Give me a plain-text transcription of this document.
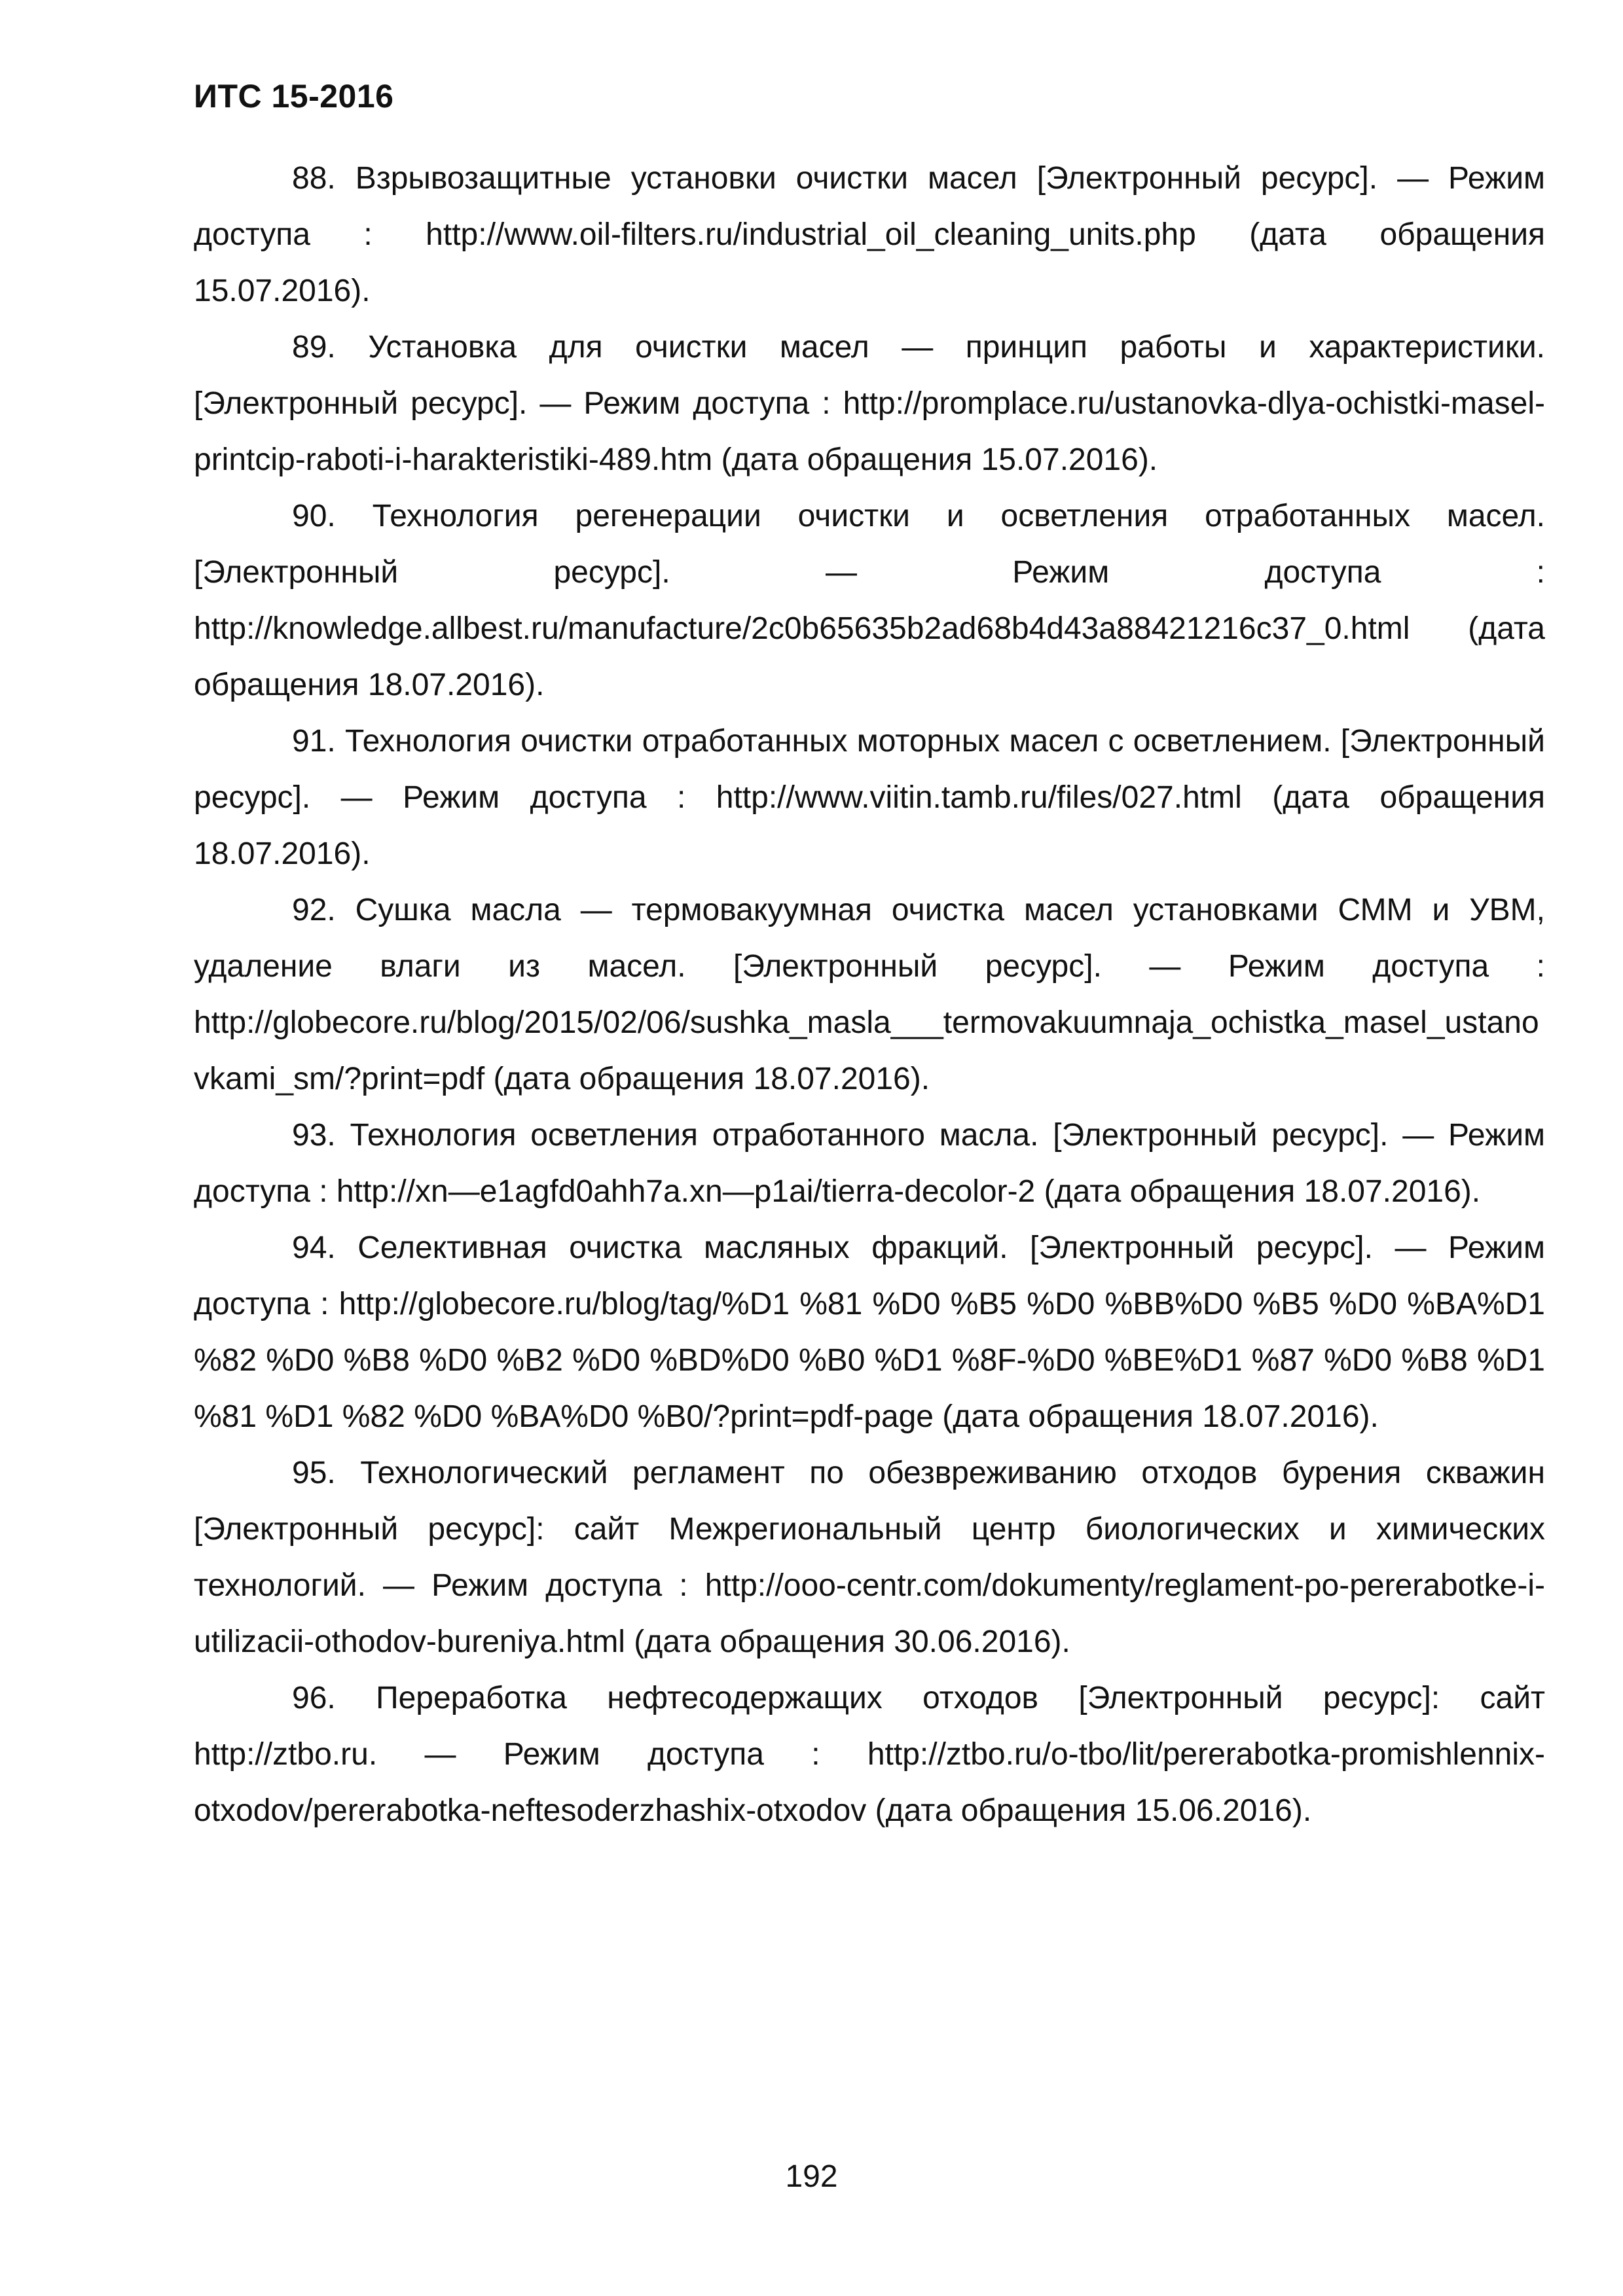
ИТС 15-2016

88. Взрывозащитные установки очистки масел [Электронный ресурс]. — Режим доступа : http://www.oil-filters.ru/industrial_oil_cleaning_units.php (дата обращения 15.07.2016).

89. Установка для очистки масел — принцип работы и характеристики. [Электронный ресурс]. — Режим доступа : http://promplace.ru/ustanovka-dlya-ochistki-masel-printcip-raboti-i-harakteristiki-489.htm (дата обращения 15.07.2016).

90. Технология регенерации очистки и осветления отработанных масел. [Электронный ресурс]. — Режим доступа : http://knowledge.allbest.ru/manufacture/2c0b65635b2ad68b4d43a88421216c37_0.html (дата обращения 18.07.2016).

91. Технология очистки отработанных моторных масел с осветлением. [Электронный ресурс]. — Режим доступа : http://www.viitin.tamb.ru/files/027.html (дата обращения 18.07.2016).

92. Сушка масла — термовакуумная очистка масел установками СММ и УВМ, удаление влаги из масел. [Электронный ресурс]. — Режим доступа : http://globecore.ru/blog/2015/02/06/sushka_masla___termovakuumnaja_ochistka_masel_ustanovkami_sm/?print=pdf (дата обращения 18.07.2016).

93. Технология осветления отработанного масла. [Электронный ресурс]. — Режим доступа : http://xn—e1agfd0ahh7a.xn—p1ai/tierra-decolor-2 (дата обращения 18.07.2016).

94. Селективная очистка масляных фракций. [Электронный ресурс]. — Режим доступа : http://globecore.ru/blog/tag/%D1 %81 %D0 %B5 %D0 %BB%D0 %B5 %D0 %BA%D1 %82 %D0 %B8 %D0 %B2 %D0 %BD%D0 %B0 %D1 %8F-%D0 %BE%D1 %87 %D0 %B8 %D1 %81 %D1 %82 %D0 %BA%D0 %B0/?print=pdf-page (дата обращения 18.07.2016).

95. Технологический регламент по обезвреживанию отходов бурения скважин [Электронный ресурс]: сайт Межрегиональный центр биологических и химических технологий. — Режим доступа : http://ooo-centr.com/dokumenty/reglament-po-pererabotke-i-utilizacii-othodov-bureniya.html (дата обращения 30.06.2016).

96. Переработка нефтесодержащих отходов [Электронный ресурс]: сайт http://ztbo.ru. — Режим доступа : http://ztbo.ru/o-tbo/lit/pererabotka-promishlennix-otxodov/pererabotka-neftesoderzhashix-otxodov (дата обращения 15.06.2016).

192
